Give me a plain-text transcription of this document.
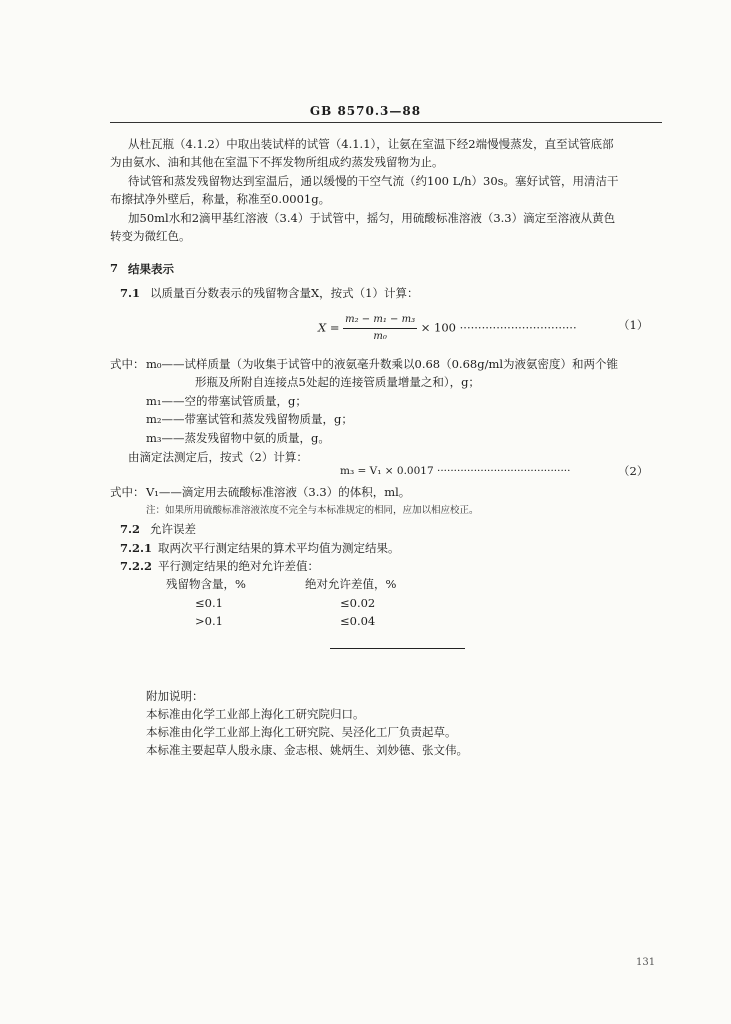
GB 8570.3—88
从杜瓦瓶（4.1.2）中取出装试样的试管（4.1.1），让氨在室温下经2端慢慢蒸发，直至试管底部
为由氨水、油和其他在室温下不挥发物所组成约蒸发残留物为止。
待试管和蒸发残留物达到室温后，通以缓慢的干空气流（约100 L/h）30s。塞好试管，用清洁干
布擦拭净外壁后，称量，称准至0.0001g。
加50ml水和2滴甲基红溶液（3.4）于试管中，摇匀，用硫酸标准溶液（3.3）滴定至溶液从黄色
转变为微红色。
7 结果表示
7.1 以质量百分数表示的残留物含量X，按式（1）计算：
$X = \frac{\text{m₂ − m₁ − m₃}}{\text{m₀}} \times 100$ ································	（1）
式中： m₀——试样质量（为收集于试管中的液氨毫升数乘以0.68（0.68g/ml为液氨密度）和两个锥
形瓶及所附自连接点5处起的连接管质量增量之和），g；
m₁——空的带塞试管质量，g；
m₂——带塞试管和蒸发残留物质量，g；
m₃——蒸发残留物中氨的质量，g。
由滴定法测定后，按式（2）计算：
m₃ = V₁ × 0.0017 ········································	（2）
式中： V₁——滴定用去硫酸标准溶液（3.3）的体积，ml。
注：如果所用硫酸标准溶液浓度不完全与本标准规定的相同，应加以相应校正。
7.2 允许误差
7.2.1 取两次平行测定结果的算术平均值为测定结果。
7.2.2 平行测定结果的绝对允许差值：
残留物含量，%	绝对允许差值，%
≤0.1	≤0.02
>0.1	≤0.04
附加说明：
本标准由化学工业部上海化工研究院归口。
本标准由化学工业部上海化工研究院、吴泾化工厂负责起草。
本标准主要起草人殷永康、金志根、姚炳生、刘妙德、张文伟。
131
